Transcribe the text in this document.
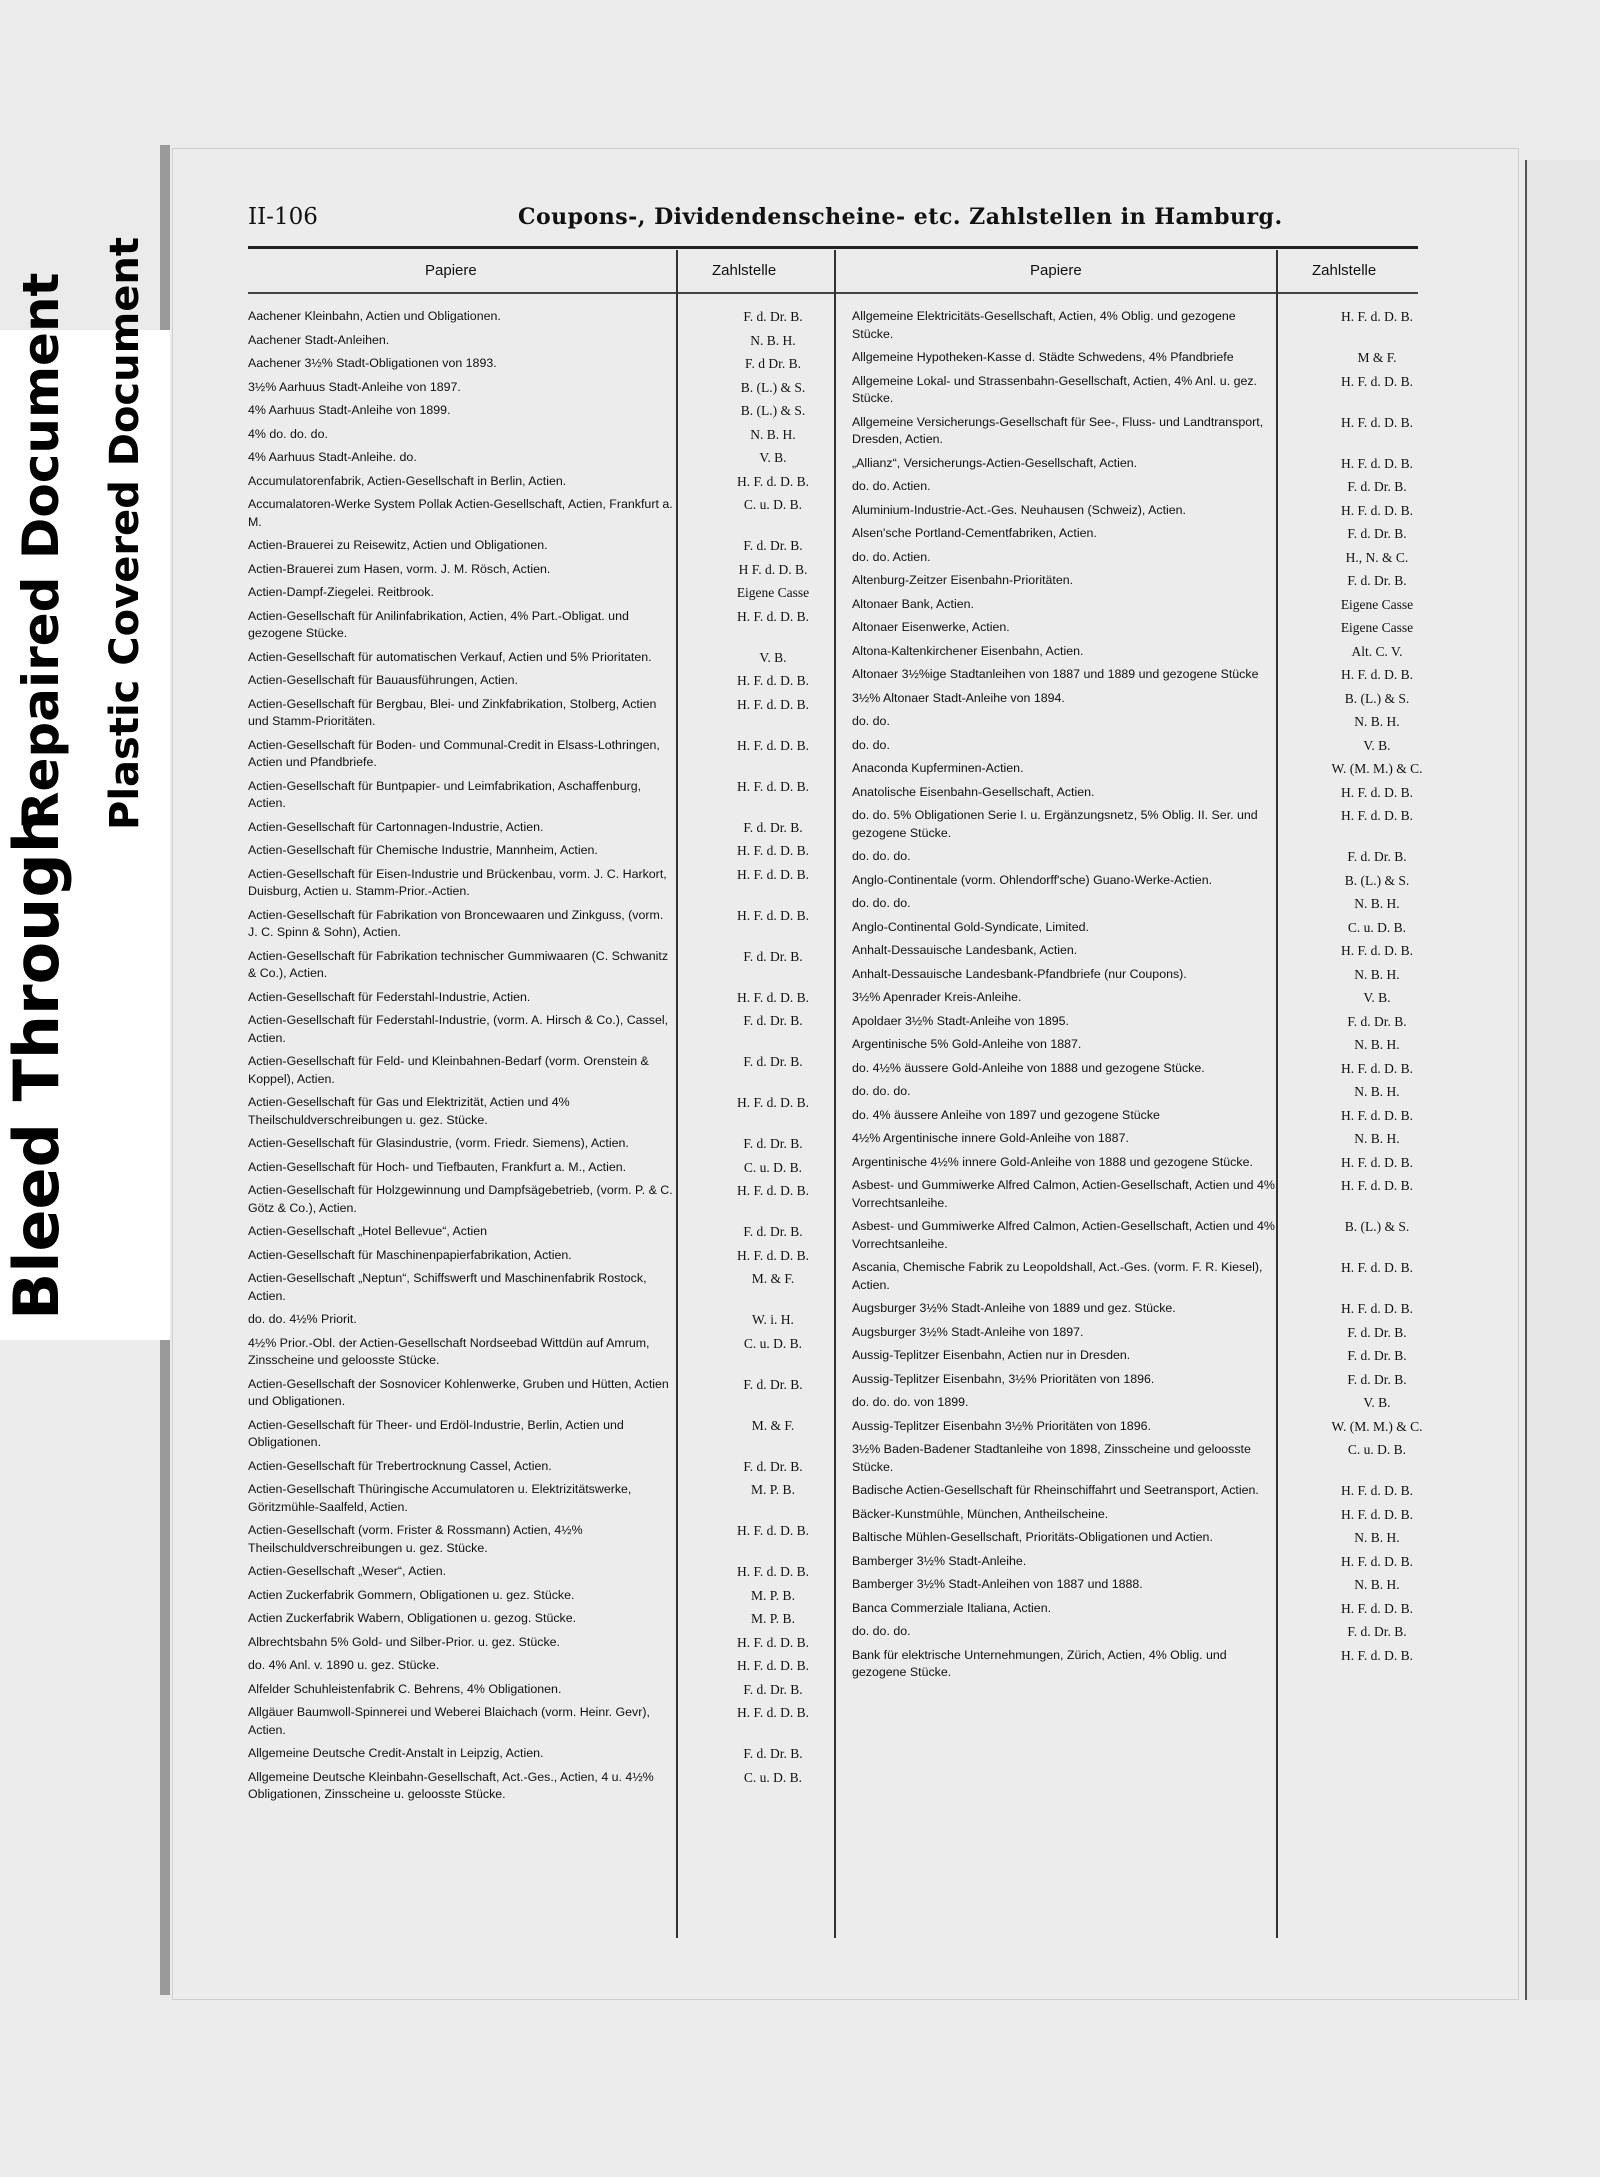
Bleed Through
Repaired Document Plastic Covered Document
II-106	Coupons-, Dividendenscheine- etc. Zahlstellen in Hamburg.
Papiere	Zahlstelle	Papiere	Zahlstelle
Aachener Kleinbahn, Actien und Obligationen.	F. d. Dr. B.
Aachener Stadt-Anleihen.	N. B. H.
Aachener 3½% Stadt-Obligationen von 1893.	F. d Dr. B.
3½% Aarhuus Stadt-Anleihe von 1897.	B. (L.) & S.
4% Aarhuus Stadt-Anleihe von 1899.	B. (L.) & S.
4% do. do. do.	N. B. H.
4% Aarhuus Stadt-Anleihe. do.	V. B.
Accumulatorenfabrik, Actien-Gesellschaft in Berlin, Actien.	H. F. d. D. B.
Accumalatoren-Werke System Pollak Actien-Gesellschaft, Actien, Frankfurt a. M.
C. u. D. B.
Actien-Brauerei zu Reisewitz, Actien und Obligationen.	F. d. Dr. B.
Actien-Brauerei zum Hasen, vorm. J. M. Rösch, Actien.	H F. d. D. B.
Actien-Dampf-Ziegelei. Reitbrook.	Eigene Casse
Actien-Gesellschaft für Anilinfabrikation, Actien, 4% Part.-Obligat. und gezogene Stücke.
H. F. d. D. B.
Actien-Gesellschaft für automatischen Verkauf, Actien und 5% Prioritaten.	V. B.
Actien-Gesellschaft für Bauausführungen, Actien.	H. F. d. D. B.
Actien-Gesellschaft für Bergbau, Blei- und Zinkfabrikation, Stolberg, Actien und Stamm-Prioritäten.
H. F. d. D. B.
Actien-Gesellschaft für Boden- und Communal-Credit in Elsass-Lothringen, Actien und Pfandbriefe.
H. F. d. D. B.
Actien-Gesellschaft für Buntpapier- und Leimfabrikation, Aschaffenburg, Actien.
H. F. d. D. B.
Actien-Gesellschaft für Cartonnagen-Industrie, Actien.	F. d. Dr. B.
Actien-Gesellschaft für Chemische Industrie, Mannheim, Actien.	H. F. d. D. B.
Actien-Gesellschaft für Eisen-Industrie und Brückenbau, vorm. J. C. Harkort, Duisburg, Actien u. Stamm-Prior.-Actien.
H. F. d. D. B.
Actien-Gesellschaft für Fabrikation von Broncewaaren und Zinkguss, (vorm. J. C. Spinn & Sohn), Actien.
H. F. d. D. B.
Actien-Gesellschaft für Fabrikation technischer Gummiwaaren (C. Schwanitz & Co.), Actien.
F. d. Dr. B.
Actien-Gesellschaft für Federstahl-Industrie, Actien.	H. F. d. D. B.
Actien-Gesellschaft für Federstahl-Industrie, (vorm. A. Hirsch & Co.), Cassel, Actien.
F. d. Dr. B.
Actien-Gesellschaft für Feld- und Kleinbahnen-Bedarf (vorm. Orenstein & Koppel), Actien.
F. d. Dr. B.
Actien-Gesellschaft für Gas und Elektrizität, Actien und 4% Theilschuldverschreibungen u. gez. Stücke.
H. F. d. D. B.
Actien-Gesellschaft für Glasindustrie, (vorm. Friedr. Siemens), Actien.	F. d. Dr. B.
Actien-Gesellschaft für Hoch- und Tiefbauten, Frankfurt a. M., Actien.	C. u. D. B.
Actien-Gesellschaft für Holzgewinnung und Dampfsägebetrieb, (vorm. P. & C. Götz & Co.), Actien.
H. F. d. D. B.
Actien-Gesellschaft „Hotel Bellevue“, Actien	F. d. Dr. B.
Actien-Gesellschaft für Maschinenpapierfabrikation, Actien.	H. F. d. D. B.
Actien-Gesellschaft „Neptun“, Schiffswerft und Maschinenfabrik Rostock, Actien.
M. & F.
do. do. 4½% Priorit.	W. i. H.
4½% Prior.-Obl. der Actien-Gesellschaft Nordseebad Wittdün auf Amrum, Zinsscheine und geloosste Stücke.
C. u. D. B.
Actien-Gesellschaft der Sosnovicer Kohlenwerke, Gruben und Hütten, Actien und Obligationen.
F. d. Dr. B.
Actien-Gesellschaft für Theer- und Erdöl-Industrie, Berlin, Actien und Obligationen.
M. & F.
Actien-Gesellschaft für Trebertrocknung Cassel, Actien.	F. d. Dr. B.
Actien-Gesellschaft Thüringische Accumulatoren u. Elektrizitätswerke, Göritzmühle-Saalfeld, Actien.
M. P. B.
Actien-Gesellschaft (vorm. Frister & Rossmann) Actien, 4½% Theilschuldverschreibungen u. gez. Stücke.
H. F. d. D. B.
Actien-Gesellschaft „Weser“, Actien.	H. F. d. D. B.
Actien Zuckerfabrik Gommern, Obligationen u. gez. Stücke.	M. P. B.
Actien Zuckerfabrik Wabern, Obligationen u. gezog. Stücke.	M. P. B.
Albrechtsbahn 5% Gold- und Silber-Prior. u. gez. Stücke.	H. F. d. D. B.
do. 4% Anl. v. 1890 u. gez. Stücke.	H. F. d. D. B.
Alfelder Schuhleistenfabrik C. Behrens, 4% Obligationen.	F. d. Dr. B.
Allgäuer Baumwoll-Spinnerei und Weberei Blaichach (vorm. Heinr. Gevr), Actien.
H. F. d. D. B.
Allgemeine Deutsche Credit-Anstalt in Leipzig, Actien.	F. d. Dr. B.
Allgemeine Deutsche Kleinbahn-Gesellschaft, Act.-Ges., Actien, 4 u. 4½% Obligationen, Zinsscheine u. geloosste Stücke.
C. u. D. B.
Allgemeine Elektricitäts-Gesellschaft, Actien, 4% Oblig. und gezogene Stücke.
H. F. d. D. B.
Allgemeine Hypotheken-Kasse d. Städte Schwedens, 4% Pfandbriefe	M & F.
Allgemeine Lokal- und Strassenbahn-Gesellschaft, Actien, 4% Anl. u. gez. Stücke.
H. F. d. D. B.
Allgemeine Versicherungs-Gesellschaft für See-, Fluss- und Landtransport, Dresden, Actien.
H. F. d. D. B.
„Allianz“, Versicherungs-Actien-Gesellschaft, Actien.	H. F. d. D. B.
do. do. Actien.	F. d. Dr. B.
Aluminium-Industrie-Act.-Ges. Neuhausen (Schweiz), Actien.	H. F. d. D. B.
Alsen'sche Portland-Cementfabriken, Actien.	F. d. Dr. B.
do. do. Actien.	H., N. & C.
Altenburg-Zeitzer Eisenbahn-Prioritäten.	F. d. Dr. B.
Altonaer Bank, Actien.	Eigene Casse
Altonaer Eisenwerke, Actien.	Eigene Casse
Altona-Kaltenkirchener Eisenbahn, Actien.	Alt. C. V.
Altonaer 3½%ige Stadtanleihen von 1887 und 1889 und gezogene Stücke	H. F. d. D. B.
3½% Altonaer Stadt-Anleihe von 1894.	B. (L.) & S.
do. do.	N. B. H.
do. do.	V. B.
Anaconda Kupferminen-Actien.	W. (M. M.) & C.
Anatolische Eisenbahn-Gesellschaft, Actien.	H. F. d. D. B.
do. do. 5% Obligationen Serie I. u. Ergänzungsnetz, 5% Oblig. II. Ser. und gezogene Stücke.
H. F. d. D. B.
do. do. do.	F. d. Dr. B.
Anglo-Continentale (vorm. Ohlendorff'sche) Guano-Werke-Actien.	B. (L.) & S.
do. do. do.	N. B. H.
Anglo-Continental Gold-Syndicate, Limited.	C. u. D. B.
Anhalt-Dessauische Landesbank, Actien.	H. F. d. D. B.
Anhalt-Dessauische Landesbank-Pfandbriefe (nur Coupons).	N. B. H.
3½% Apenrader Kreis-Anleihe.	V. B.
Apoldaer 3½% Stadt-Anleihe von 1895.	F. d. Dr. B.
Argentinische 5% Gold-Anleihe von 1887.	N. B. H.
do. 4½% äussere Gold-Anleihe von 1888 und gezogene Stücke.	H. F. d. D. B.
do. do. do.	N. B. H.
do. 4% äussere Anleihe von 1897 und gezogene Stücke	H. F. d. D. B.
4½% Argentinische innere Gold-Anleihe von 1887.	N. B. H.
Argentinische 4½% innere Gold-Anleihe von 1888 und gezogene Stücke.	H. F. d. D. B.
Asbest- und Gummiwerke Alfred Calmon, Actien-Gesellschaft, Actien und 4% Vorrechtsanleihe.
H. F. d. D. B.
Asbest- und Gummiwerke Alfred Calmon, Actien-Gesellschaft, Actien und 4% Vorrechtsanleihe.
B. (L.) & S.
Ascania, Chemische Fabrik zu Leopoldshall, Act.-Ges. (vorm. F. R. Kiesel), Actien.
H. F. d. D. B.
Augsburger 3½% Stadt-Anleihe von 1889 und gez. Stücke.	H. F. d. D. B.
Augsburger 3½% Stadt-Anleihe von 1897.	F. d. Dr. B.
Aussig-Teplitzer Eisenbahn, Actien nur in Dresden.	F. d. Dr. B.
Aussig-Teplitzer Eisenbahn, 3½% Prioritäten von 1896.	F. d. Dr. B.
do. do. do. von 1899.	V. B.
Aussig-Teplitzer Eisenbahn 3½% Prioritäten von 1896.	W. (M. M.) & C.
3½% Baden-Badener Stadtanleihe von 1898, Zinsscheine und geloosste Stücke.
C. u. D. B.
Badische Actien-Gesellschaft für Rheinschiffahrt und Seetransport, Actien.	H. F. d. D. B.
Bäcker-Kunstmühle, München, Antheilscheine.	H. F. d. D. B.
Baltische Mühlen-Gesellschaft, Prioritäts-Obligationen und Actien.	N. B. H.
Bamberger 3½% Stadt-Anleihe.	H. F. d. D. B.
Bamberger 3½% Stadt-Anleihen von 1887 und 1888.	N. B. H.
Banca Commerziale Italiana, Actien.	H. F. d. D. B.
do. do. do.	F. d. Dr. B.
Bank für elektrische Unternehmungen, Zürich, Actien, 4% Oblig. und gezogene Stücke.
H. F. d. D. B.
